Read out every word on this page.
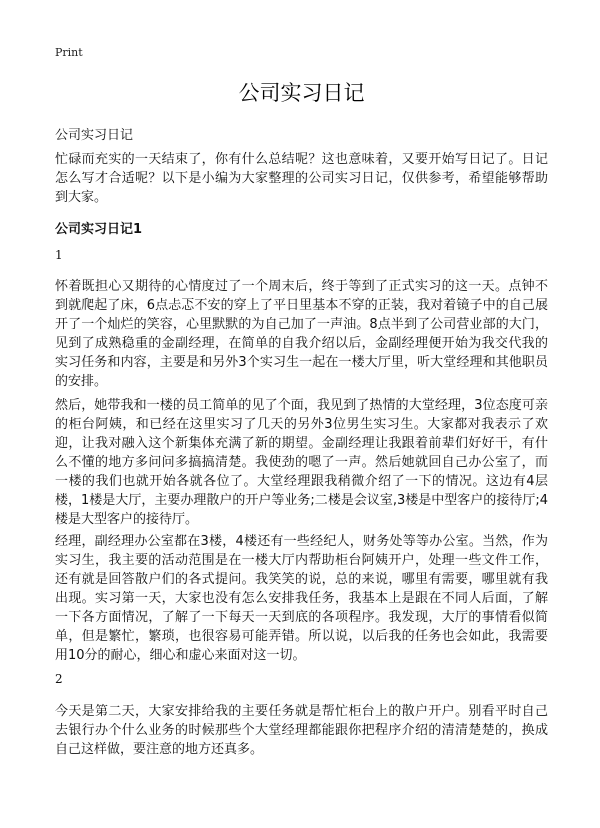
Print
公司实习日记

公司实习日记

忙碌而充实的一天结束了，你有什么总结呢？这也意味着，又要开始写日记了。日记怎么写才合适呢？以下是小编为大家整理的公司实习日记，仅供参考，希望能够帮助到大家。

公司实习日记1

1

怀着既担心又期待的心情度过了一个周末后，终于等到了正式实习的这一天。点钟不到就爬起了床，6点忐忑不安的穿上了平日里基本不穿的正装，我对着镜子中的自己展开了一个灿烂的笑容，心里默默的为自己加了一声油。8点半到了公司营业部的大门，见到了成熟稳重的金副经理，在简单的自我介绍以后，金副经理便开始为我交代我的实习任务和内容，主要是和另外3个实习生一起在一楼大厅里，听大堂经理和其他职员的安排。

然后，她带我和一楼的员工简单的见了个面，我见到了热情的大堂经理，3位态度可亲的柜台阿姨，和已经在这里实习了几天的另外3位男生实习生。大家都对我表示了欢迎，让我对融入这个新集体充满了新的期望。金副经理让我跟着前辈们好好干，有什么不懂的地方多问问多搞搞清楚。我使劲的嗯了一声。然后她就回自己办公室了，而一楼的我们也就开始各就各位了。大堂经理跟我稍微介绍了一下的情况。这边有4层楼，1楼是大厅，主要办理散户的开户等业务;二楼是会议室,3楼是中型客户的接待厅;4楼是大型客户的接待厅。

经理，副经理办公室都在3楼，4楼还有一些经纪人，财务处等等办公室。当然，作为实习生，我主要的活动范围是在一楼大厅内帮助柜台阿姨开户，处理一些文件工作，还有就是回答散户们的各式提问。我笑笑的说，总的来说，哪里有需要，哪里就有我出现。实习第一天，大家也没有怎么安排我任务，我基本上是跟在不同人后面，了解一下各方面情况，了解了一下每天一天到底的各项程序。我发现，大厅的事情看似简单，但是繁忙，繁琐，也很容易可能弄错。所以说，以后我的任务也会如此，我需要用10分的耐心，细心和虚心来面对这一切。

2

今天是第二天，大家安排给我的主要任务就是帮忙柜台上的散户开户。别看平时自己去银行办个什么业务的时候那些个大堂经理都能跟你把程序介绍的清清楚楚的，换成自己这样做，要注意的地方还真多。
